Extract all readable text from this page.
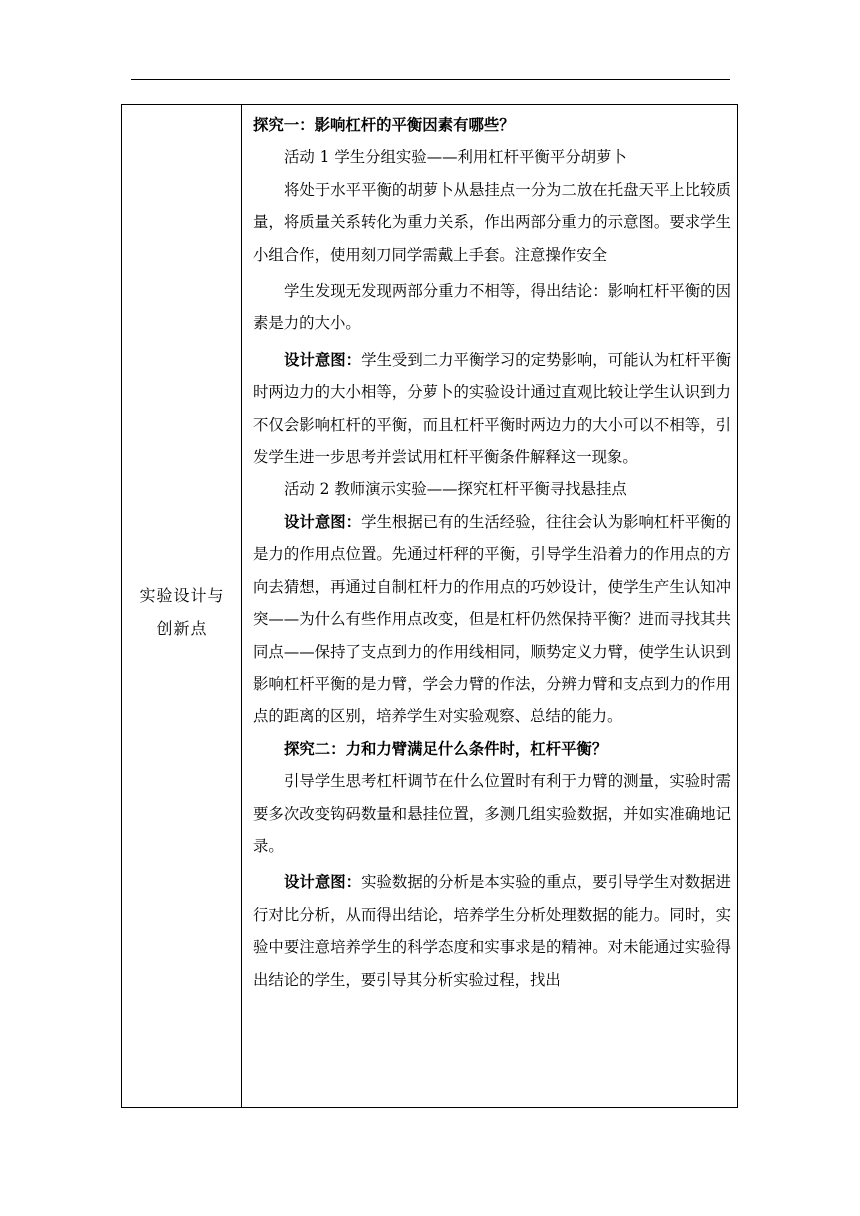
实验设计与
创新点

探究一：影响杠杆的平衡因素有哪些？

活动 1 学生分组实验——利用杠杆平衡平分胡萝卜

将处于水平平衡的胡萝卜从悬挂点一分为二放在托盘天平上比较质量，将质量关系转化为重力关系，作出两部分重力的示意图。要求学生小组合作，使用刻刀同学需戴上手套。注意操作安全

学生发现无发现两部分重力不相等，得出结论：影响杠杆平衡的因素是力的大小。

设计意图：学生受到二力平衡学习的定势影响，可能认为杠杆平衡时两边力的大小相等，分萝卜的实验设计通过直观比较让学生认识到力不仅会影响杠杆的平衡，而且杠杆平衡时两边力的大小可以不相等，引发学生进一步思考并尝试用杠杆平衡条件解释这一现象。

活动 2 教师演示实验——探究杠杆平衡寻找悬挂点

设计意图：学生根据已有的生活经验，往往会认为影响杠杆平衡的是力的作用点位置。先通过杆秤的平衡，引导学生沿着力的作用点的方向去猜想，再通过自制杠杆力的作用点的巧妙设计，使学生产生认知冲突——为什么有些作用点改变，但是杠杆仍然保持平衡？进而寻找其共同点——保持了支点到力的作用线相同，顺势定义力臂，使学生认识到影响杠杆平衡的是力臂，学会力臂的作法，分辨力臂和支点到力的作用点的距离的区别，培养学生对实验观察、总结的能力。

探究二：力和力臂满足什么条件时，杠杆平衡？

引导学生思考杠杆调节在什么位置时有利于力臂的测量，实验时需要多次改变钩码数量和悬挂位置，多测几组实验数据，并如实准确地记录。

设计意图：实验数据的分析是本实验的重点，要引导学生对数据进行对比分析，从而得出结论，培养学生分析处理数据的能力。同时，实验中要注意培养学生的科学态度和实事求是的精神。对未能通过实验得出结论的学生，要引导其分析实验过程，找出
